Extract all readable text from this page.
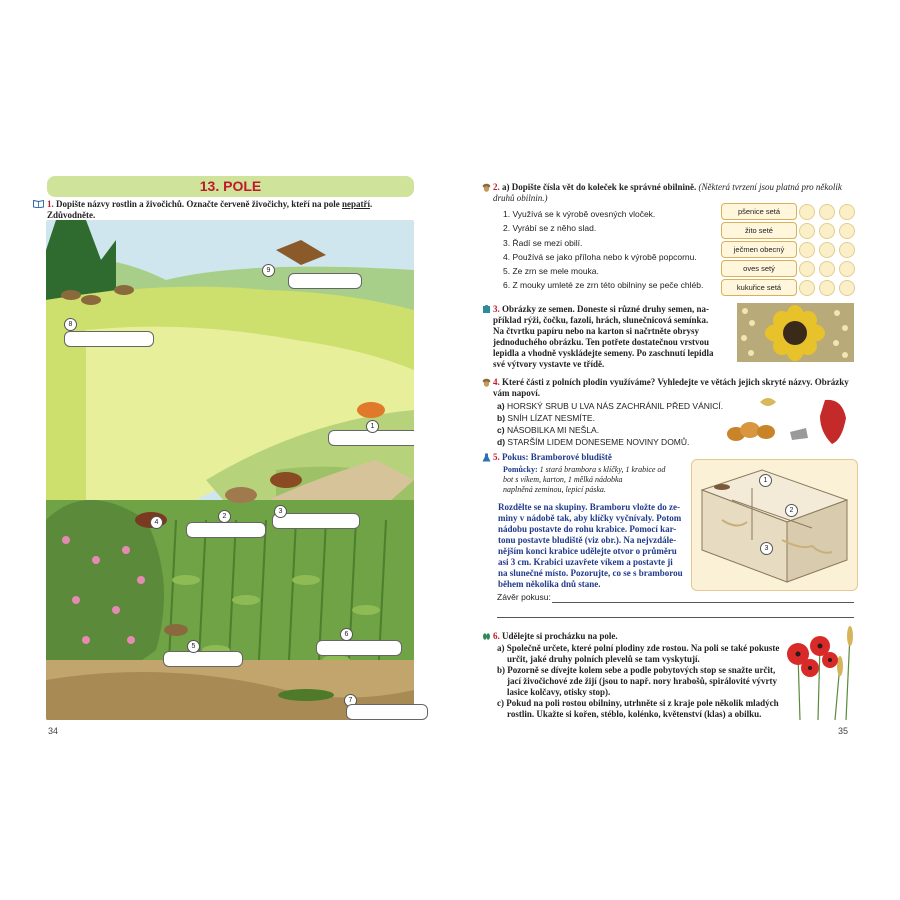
13. POLE
1. Dopište názvy rostlin a živočichů. Označte červeně živočichy, kteří na pole nepatří. Zdůvodněte.

9
8
1
2
3
4
5
6
7
34
2. a) Dopište čísla vět do koleček ke správné obilnině. (Některá tvrzení jsou platná pro několik druhů obilnin.)
1. Využívá se k výrobě ovesných vloček.
2. Vyrábí se z něho slad.
3. Řadí se mezi obilí.
4. Používá se jako příloha nebo k výrobě popcornu.
5. Ze zrn se mele mouka.
6. Z mouky umleté ze zrn této obilniny se peče chléb.
pšenice setá
žito seté
ječmen obecný
oves setý
kukuřice setá
3. Obrázky ze semen. Doneste si různé druhy semen, na-
příklad rýži, čočku, fazoli, hrách, slunečnicová semínka.
Na čtvrtku papíru nebo na karton si načrtněte obrysy
jednoduchého obrázku. Ten potřete dostatečnou vrstvou
lepidla a vhodně vyskládejte semeny. Po zaschnutí lepidla
své výtvory vystavte ve třídě.
4. Které části z polních plodin využíváme? Vyhledejte ve větách jejich skryté názvy. Obrázky
vám napoví.
a) HORSKÝ SRUB U LVA NÁS ZACHRÁNIL PŘED VÁNICÍ.
b) SNÍH LÍZAT NESMÍTE.
c) NÁSOBILKA MI NEŠLA.
d) STARŠÍM LIDEM DONESEME NOVINY DOMŮ.
5. Pokus: Bramborové bludiště
Pomůcky: 1 stará brambora s klíčky, 1 krabice od
bot s víkem, karton, 1 mělká nádobka
naplněná zeminou, lepicí páska.
Rozdělte se na skupiny. Bramboru vložte do ze-
miny v nádobě tak, aby klíčky vyčnívaly. Potom
nádobu postavte do rohu krabice. Pomocí kar-
tonu postavte bludiště (viz obr.). Na nejvzdále-
nějším konci krabice udělejte otvor o průměru
asi 3 cm. Krabici uzavřete víkem a postavte ji
na slunečné místo. Pozorujte, co se s bramborou
během několika dnů stane.
1
2
3
Závěr pokusu:
6. Udělejte si procházku na pole.
a) Společně určete, které polní plodiny zde rostou. Na poli se také pokuste
určit, jaké druhy polních plevelů se tam vyskytují.
b) Pozorně se dívejte kolem sebe a podle pobytových stop se snažte určit,
jací živočichové zde žijí (jsou to např. nory hrabošů, spirálovité vývrty
lasice kolčavy, otisky stop).
c) Pokud na poli rostou obilniny, utrhněte si z kraje pole několik mladých
rostlin. Ukažte si kořen, stéblo, kolénko, květenství (klas) a obilku.
35
